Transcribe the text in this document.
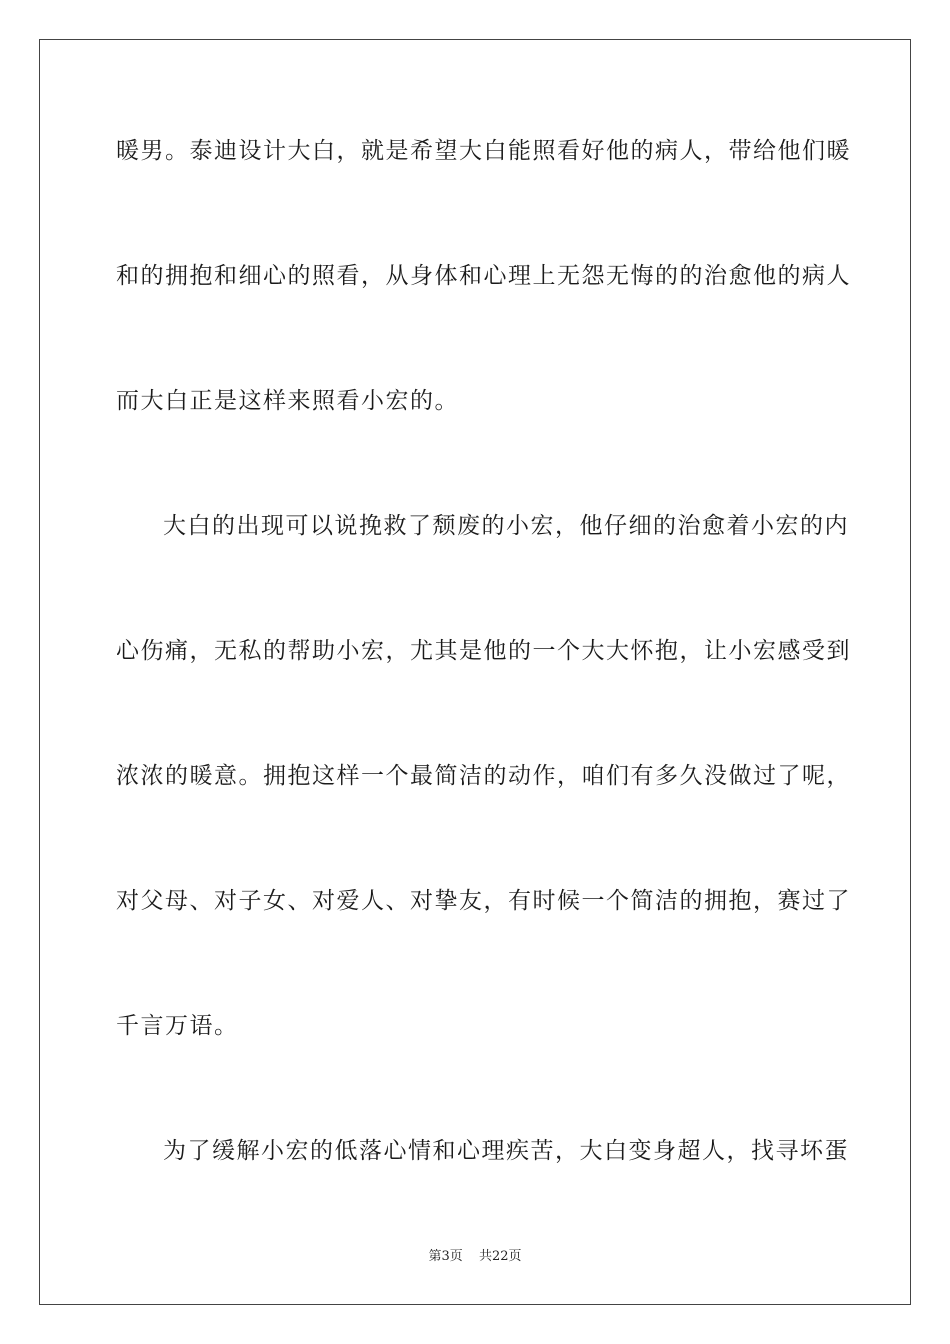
暖男。泰迪设计大白，就是希望大白能照看好他的病人，带给他们暖
和的拥抱和细心的照看，从身体和心理上无怨无悔的的治愈他的病人
而大白正是这样来照看小宏的。
大白的出现可以说挽救了颓废的小宏，他仔细的治愈着小宏的内
心伤痛，无私的帮助小宏，尤其是他的一个大大怀抱，让小宏感受到
浓浓的暖意。拥抱这样一个最简洁的动作，咱们有多久没做过了呢，
对父母、对子女、对爱人、对挚友，有时候一个简洁的拥抱，赛过了
千言万语。
为了缓解小宏的低落心情和心理疾苦，大白变身超人，找寻坏蛋
第3页 共22页
